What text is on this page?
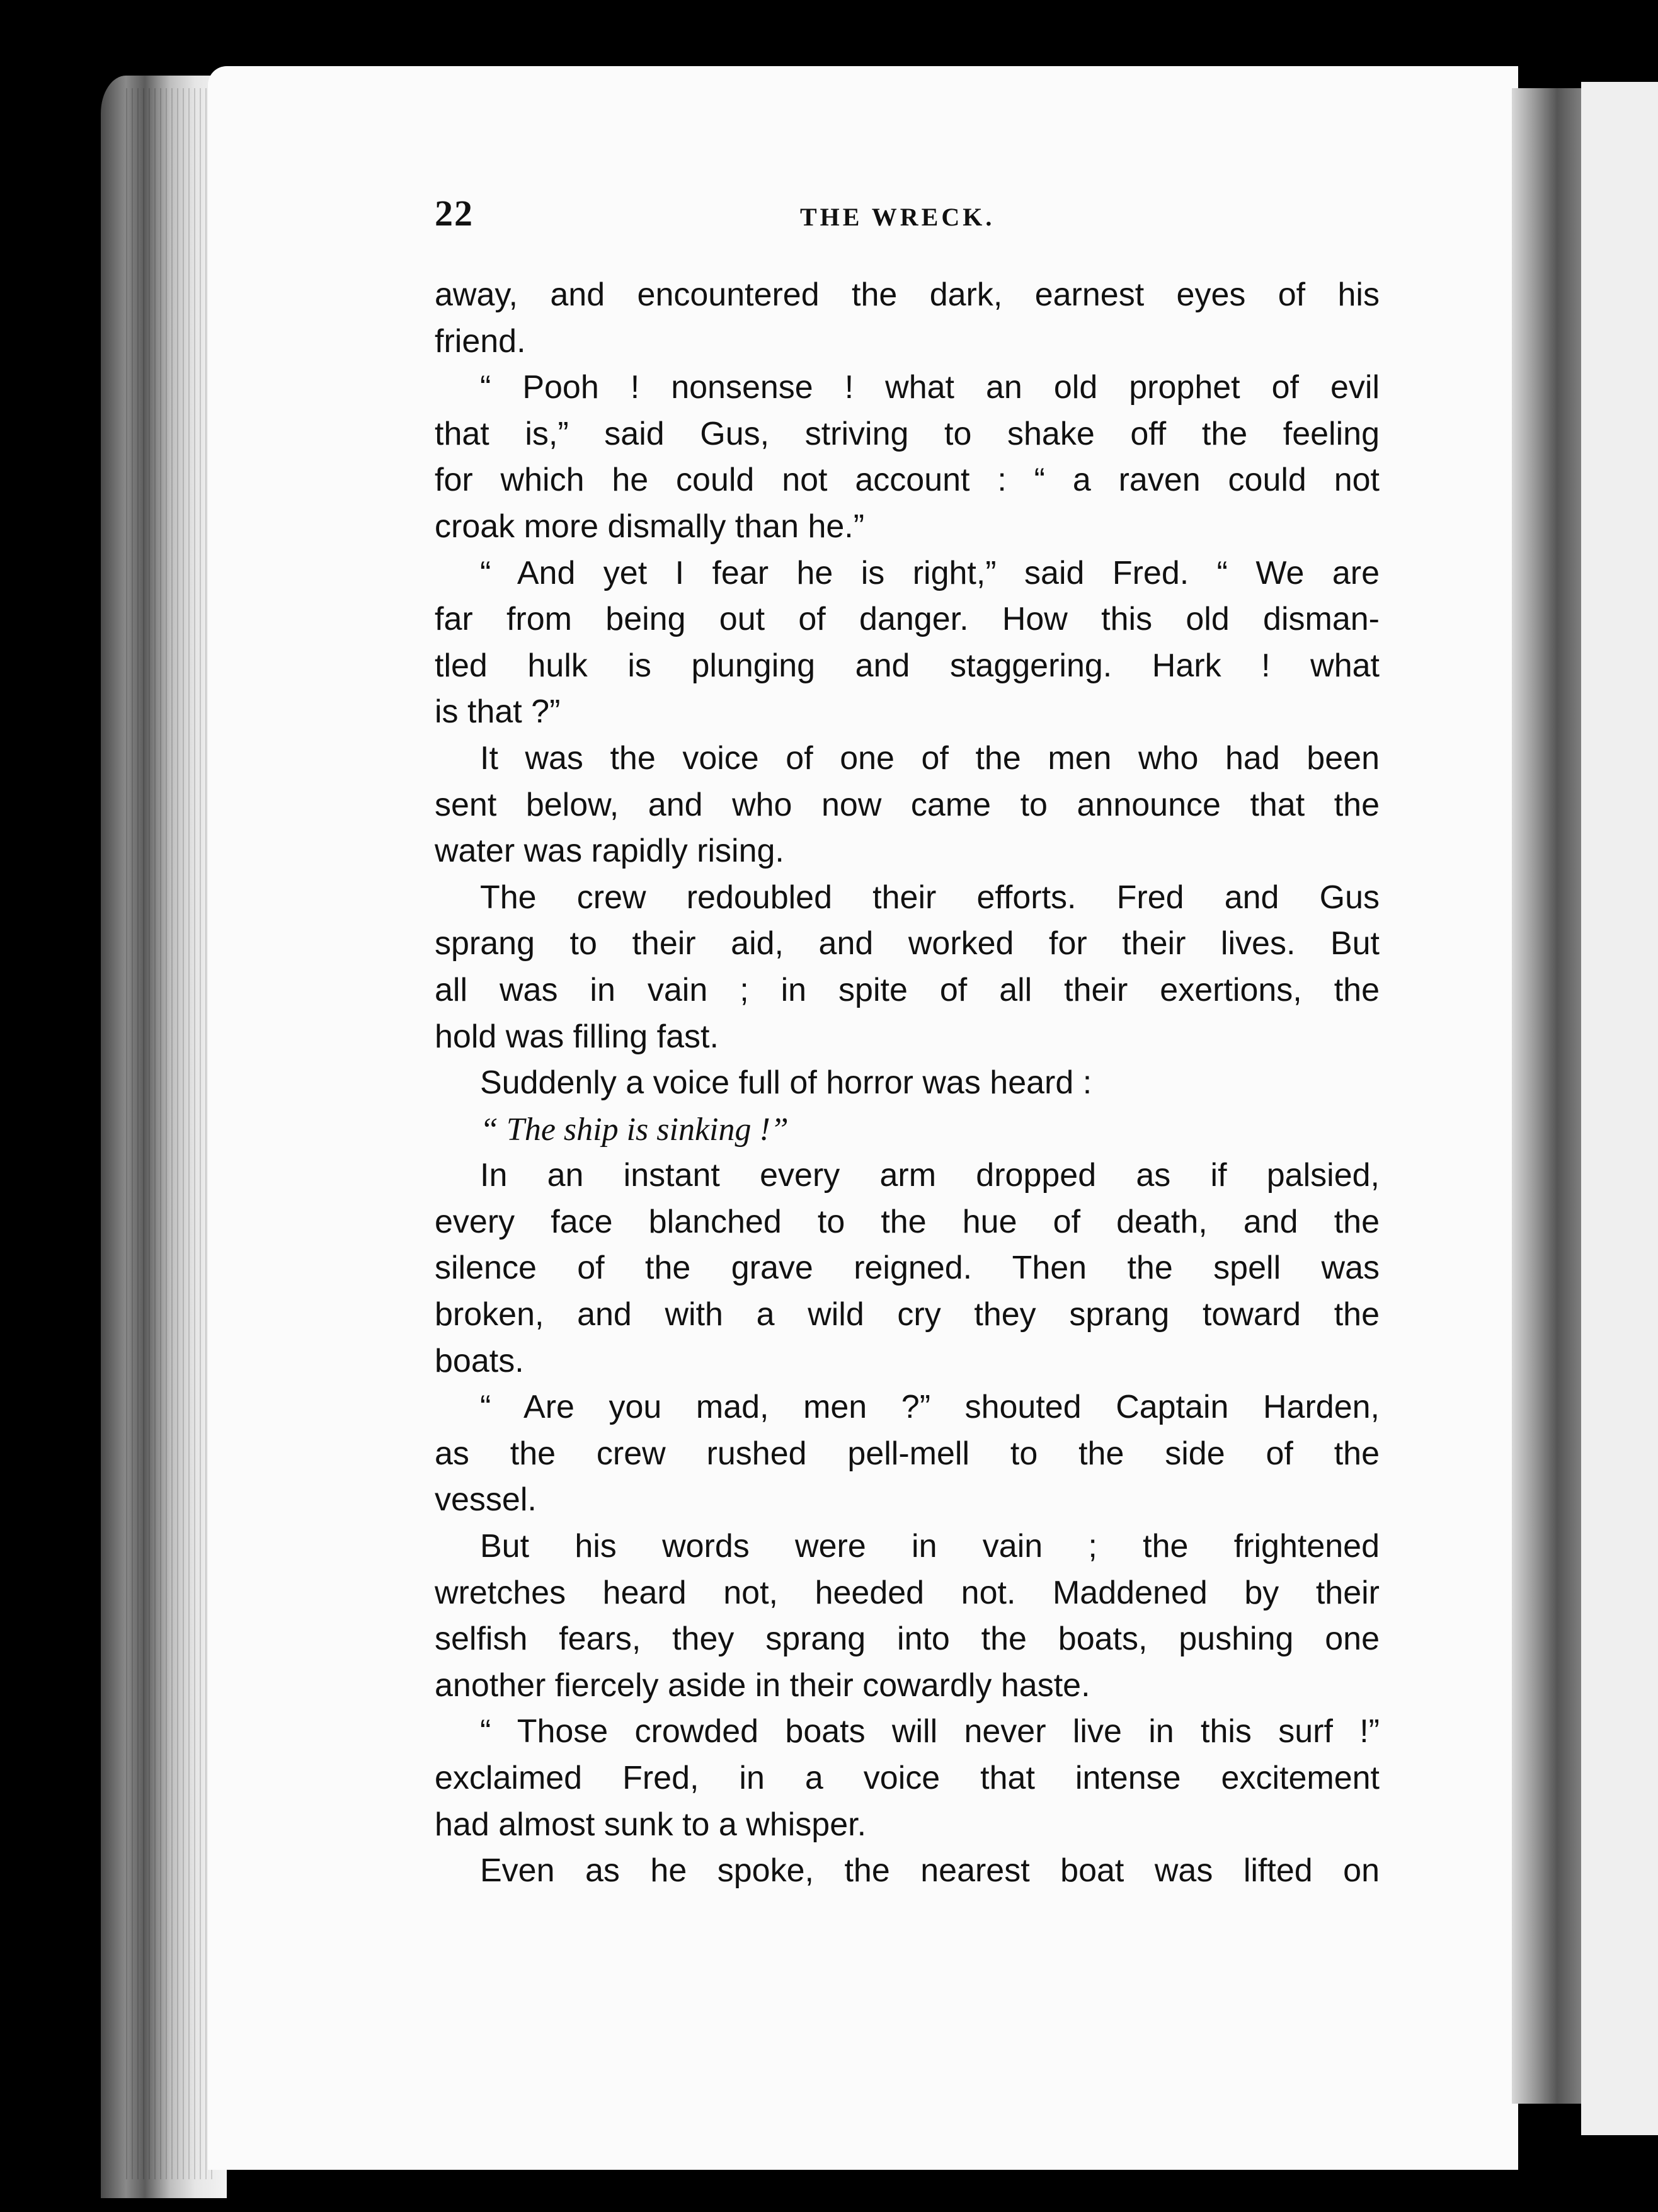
22	THE WRECK.
away, and encountered the dark, earnest eyes of his
friend.
“ Pooh ! nonsense ! what an old prophet of evil
that is,” said Gus, striving to shake off the feeling
for which he could not account : “ a raven could not
croak more dismally than he.”
“ And yet I fear he is right,” said Fred. “ We are
far from being out of danger. How this old disman-
tled hulk is plunging and staggering. Hark ! what
is that ?”
It was the voice of one of the men who had been
sent below, and who now came to announce that the
water was rapidly rising.
The crew redoubled their efforts. Fred and Gus
sprang to their aid, and worked for their lives. But
all was in vain ; in spite of all their exertions, the
hold was filling fast.
Suddenly a voice full of horror was heard :
“ The ship is sinking !”
In an instant every arm dropped as if palsied,
every face blanched to the hue of death, and the
silence of the grave reigned. Then the spell was
broken, and with a wild cry they sprang toward the
boats.
“ Are you mad, men ?” shouted Captain Harden,
as the crew rushed pell-mell to the side of the
vessel.
But his words were in vain ; the frightened
wretches heard not, heeded not. Maddened by their
selfish fears, they sprang into the boats, pushing one
another fiercely aside in their cowardly haste.
“ Those crowded boats will never live in this surf !”
exclaimed Fred, in a voice that intense excitement
had almost sunk to a whisper.
Even as he spoke, the nearest boat was lifted on
